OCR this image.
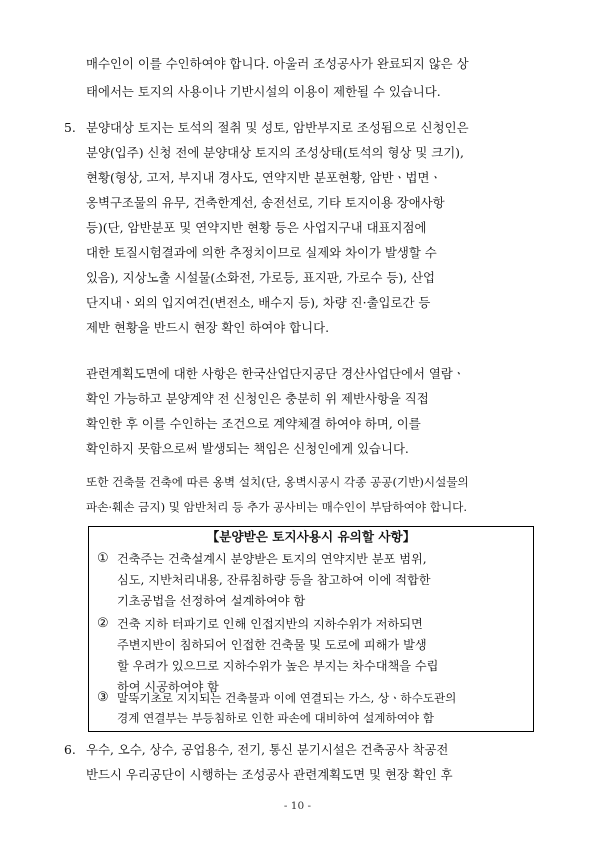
매수인이 이를 수인하여야 합니다. 아울러 조성공사가 완료되지 않은 상
태에서는 토지의 사용이나 기반시설의 이용이 제한될 수 있습니다.
5. 분양대상 토지는 토석의 절취 및 성토, 암반부지로 조성됨으로 신청인은
분양(입주) 신청 전에 분양대상 토지의 조성상태(토석의 형상 및 크기),
현황(형상, 고저, 부지내 경사도, 연약지반 분포현황, 암반ㆍ법면ㆍ
옹벽구조물의 유무, 건축한계선, 송전선로, 기타 토지이용 장애사항
등)(단, 암반분포 및 연약지반 현황 등은 사업지구내 대표지점에
대한 토질시험결과에 의한 추정치이므로 실제와 차이가 발생할 수
있음), 지상노출 시설물(소화전, 가로등, 표지판, 가로수 등), 산업
단지내ㆍ외의 입지여건(변전소, 배수지 등), 차량 진·출입로간 등
제반 현황을 반드시 현장 확인 하여야 합니다.
관련계획도면에 대한 사항은 한국산업단지공단 경산사업단에서 열람ㆍ
확인 가능하고 분양계약 전 신청인은 충분히 위 제반사항을 직접
확인한 후 이를 수인하는 조건으로 계약체결 하여야 하며, 이를
확인하지 못함으로써 발생되는 책임은 신청인에게 있습니다.
또한 건축물 건축에 따른 옹벽 설치(단, 옹벽시공시 각종 공공(기반)시설물의
파손·훼손 금지) 및 암반처리 등 추가 공사비는 매수인이 부담하여야 합니다.
【분양받은 토지사용시 유의할 사항】
① 건축주는 건축설계시 분양받은 토지의 연약지반 분포 범위,
심도, 지반처리내용, 잔류침하량 등을 참고하여 이에 적합한
기초공법을 선정하여 설계하여야 함
② 건축 지하 터파기로 인해 인접지반의 지하수위가 저하되면
주변지반이 침하되어 인접한 건축물 및 도로에 피해가 발생
할 우려가 있으므로 지하수위가 높은 부지는 차수대책을 수립
하여 시공하여야 함
③ 말뚝기초로 지지되는 건축물과 이에 연결되는 가스, 상ㆍ하수도관의
경계 연결부는 부등침하로 인한 파손에 대비하여 설계하여야 함
6. 우수, 오수, 상수, 공업용수, 전기, 통신 분기시설은 건축공사 착공전
반드시 우리공단이 시행하는 조성공사 관련계획도면 및 현장 확인 후
- 10 -
